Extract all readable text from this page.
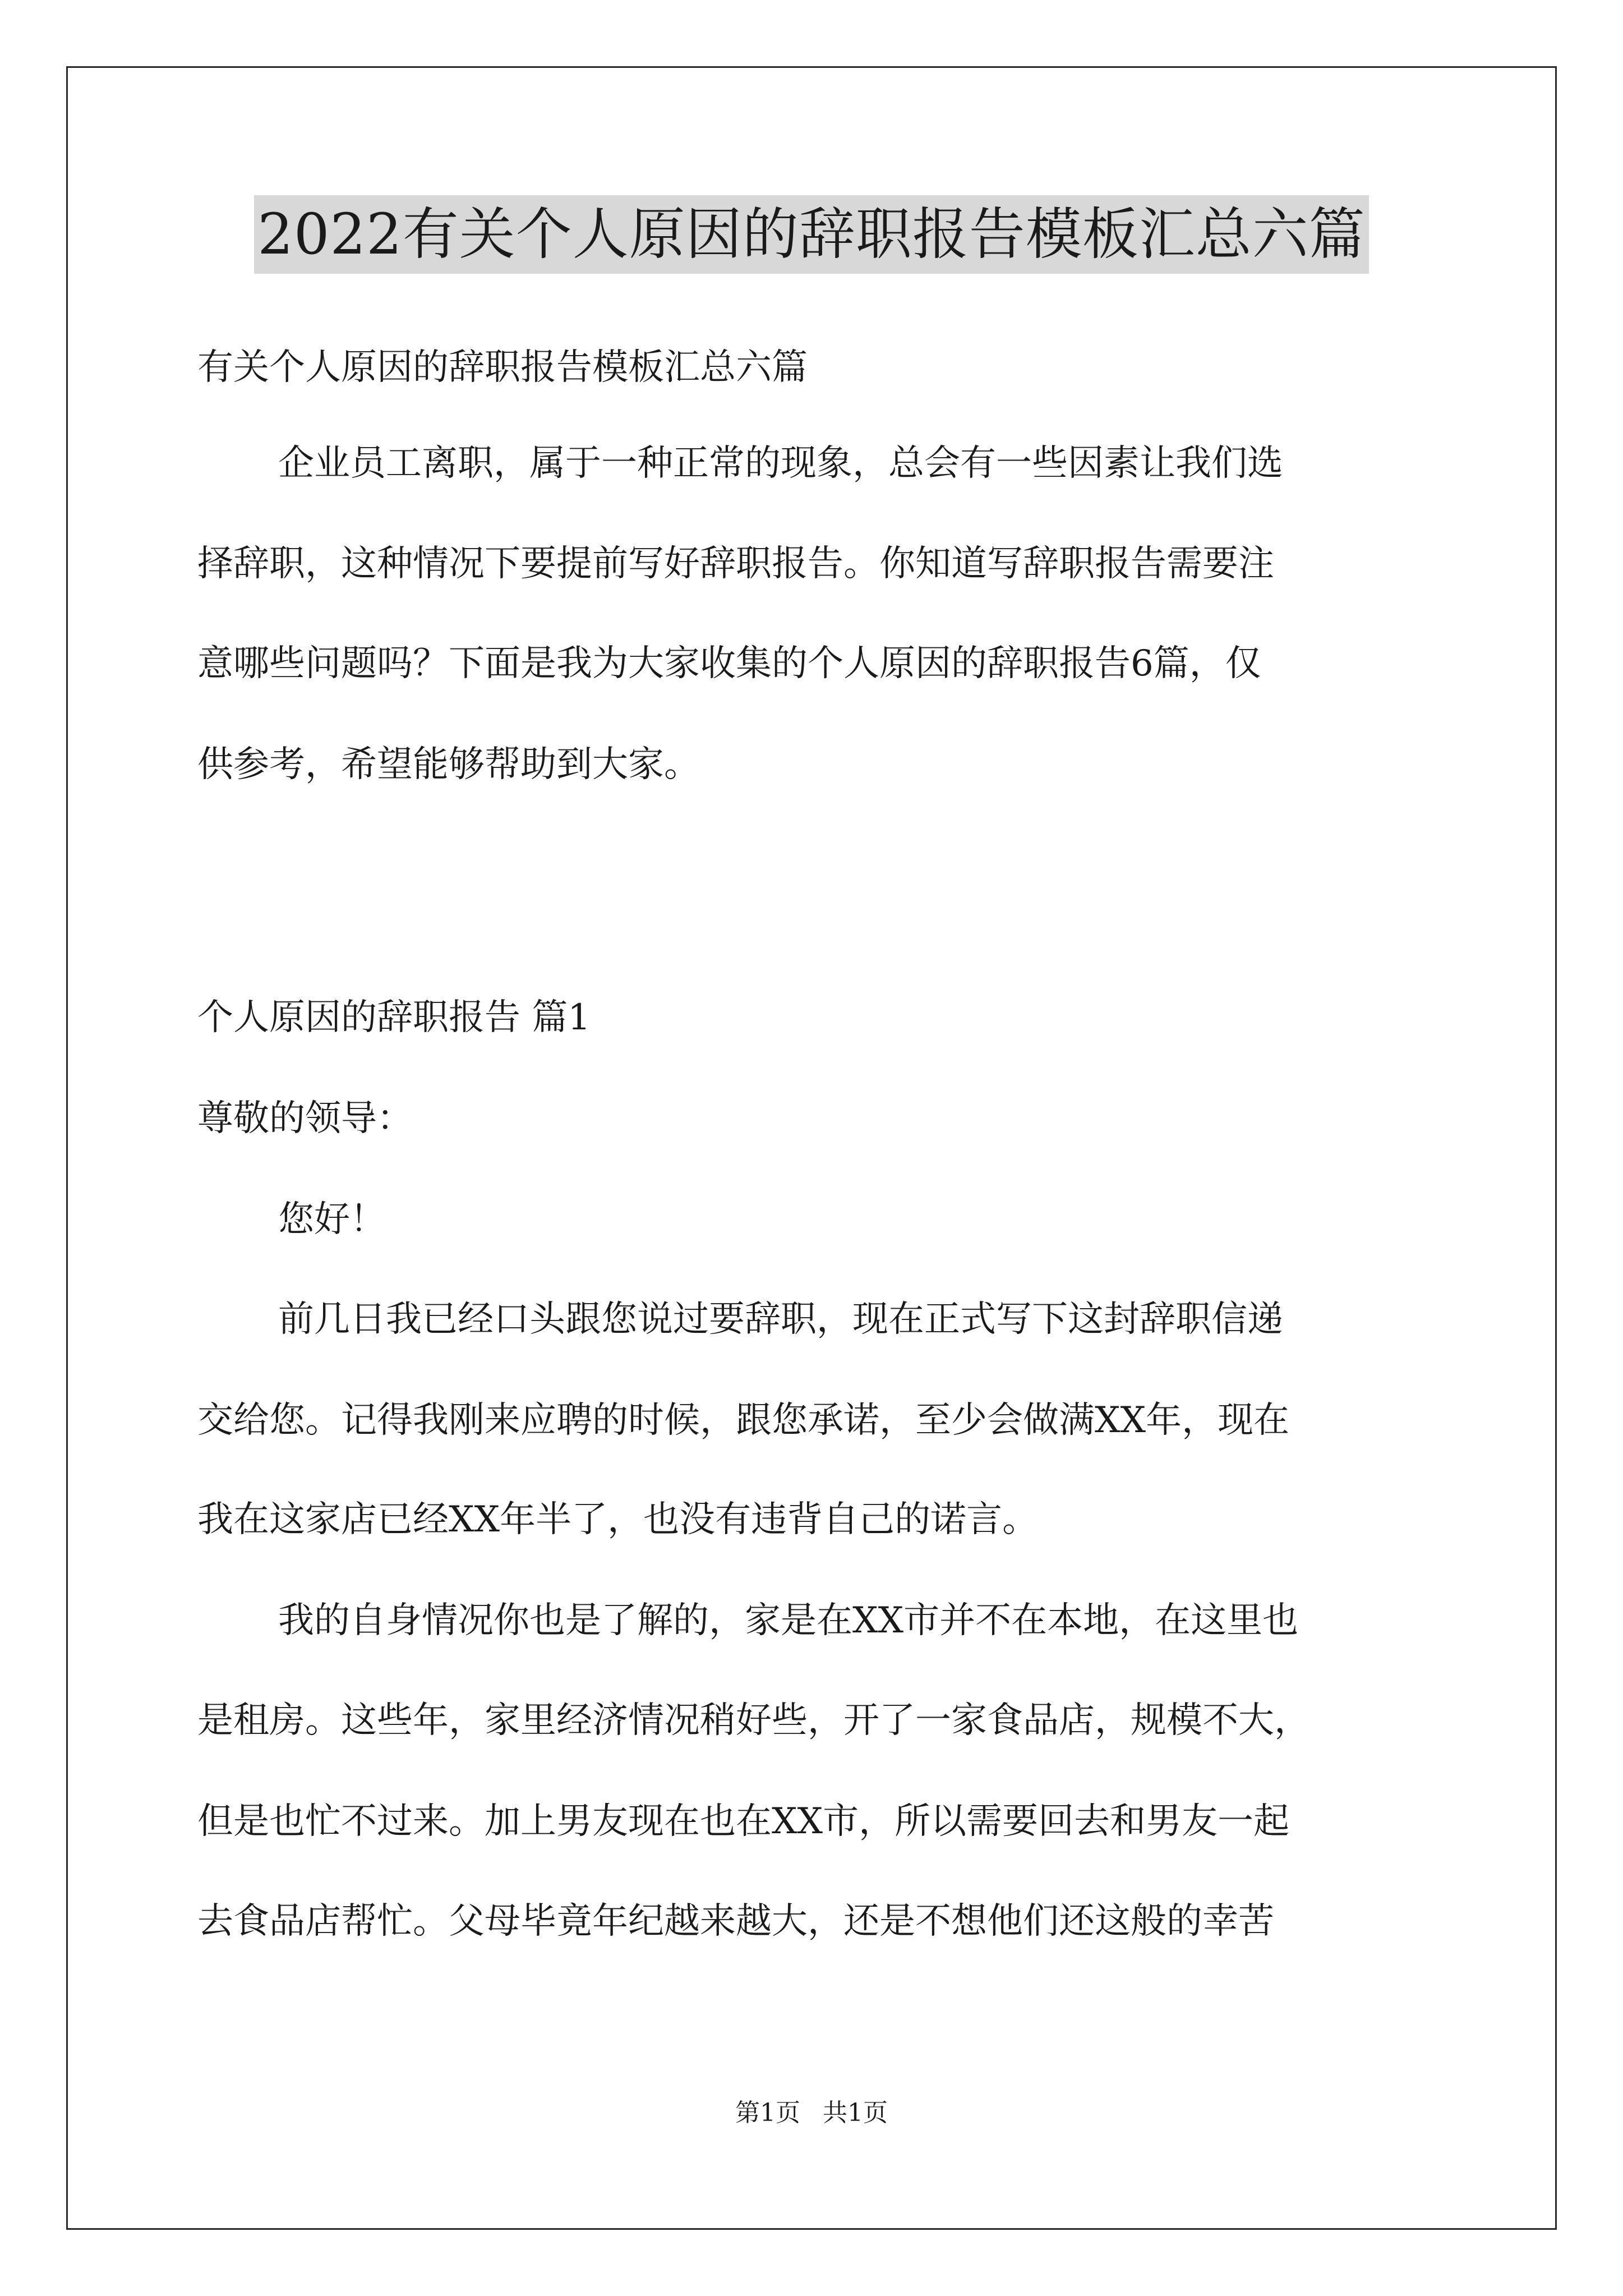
2022有关个人原因的辞职报告模板汇总六篇
有关个人原因的辞职报告模板汇总六篇
企业员工离职，属于一种正常的现象，总会有一些因素让我们选
择辞职，这种情况下要提前写好辞职报告。你知道写辞职报告需要注
意哪些问题吗？下面是我为大家收集的个人原因的辞职报告6篇，仅
供参考，希望能够帮助到大家。
个人原因的辞职报告 篇1
尊敬的领导：
您好！
前几日我已经口头跟您说过要辞职，现在正式写下这封辞职信递
交给您。记得我刚来应聘的时候，跟您承诺，至少会做满XX年，现在
我在这家店已经XX年半了，也没有违背自己的诺言。
我的自身情况你也是了解的，家是在XX市并不在本地，在这里也
是租房。这些年，家里经济情况稍好些，开了一家食品店，规模不大，
但是也忙不过来。加上男友现在也在XX市，所以需要回去和男友一起
去食品店帮忙。父母毕竟年纪越来越大，还是不想他们还这般的幸苦
第1页 共1页
